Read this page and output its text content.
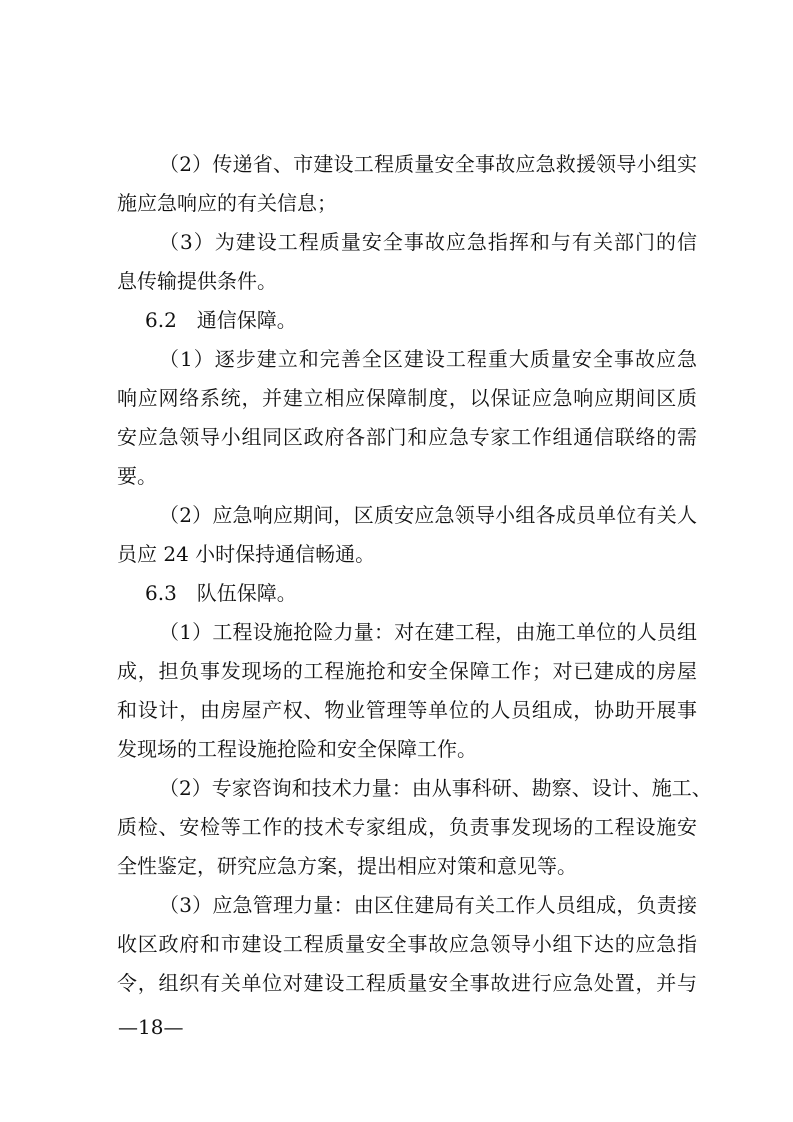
（2）传递省、市建设工程质量安全事故应急救援领导小组实
施应急响应的有关信息；
（3）为建设工程质量安全事故应急指挥和与有关部门的信
息传输提供条件。
6.2　通信保障。
（1）逐步建立和完善全区建设工程重大质量安全事故应急
响应网络系统，并建立相应保障制度，以保证应急响应期间区质
安应急领导小组同区政府各部门和应急专家工作组通信联络的需
要。
（2）应急响应期间，区质安应急领导小组各成员单位有关人
员应 24 小时保持通信畅通。
6.3　队伍保障。
（1）工程设施抢险力量：对在建工程，由施工单位的人员组
成，担负事发现场的工程施抢和安全保障工作；对已建成的房屋
和设计，由房屋产权、物业管理等单位的人员组成，协助开展事
发现场的工程设施抢险和安全保障工作。
（2）专家咨询和技术力量：由从事科研、勘察、设计、施工、
质检、安检等工作的技术专家组成，负责事发现场的工程设施安
全性鉴定，研究应急方案，提出相应对策和意见等。
（3）应急管理力量：由区住建局有关工作人员组成，负责接
收区政府和市建设工程质量安全事故应急领导小组下达的应急指
令，组织有关单位对建设工程质量安全事故进行应急处置，并与
—18—
